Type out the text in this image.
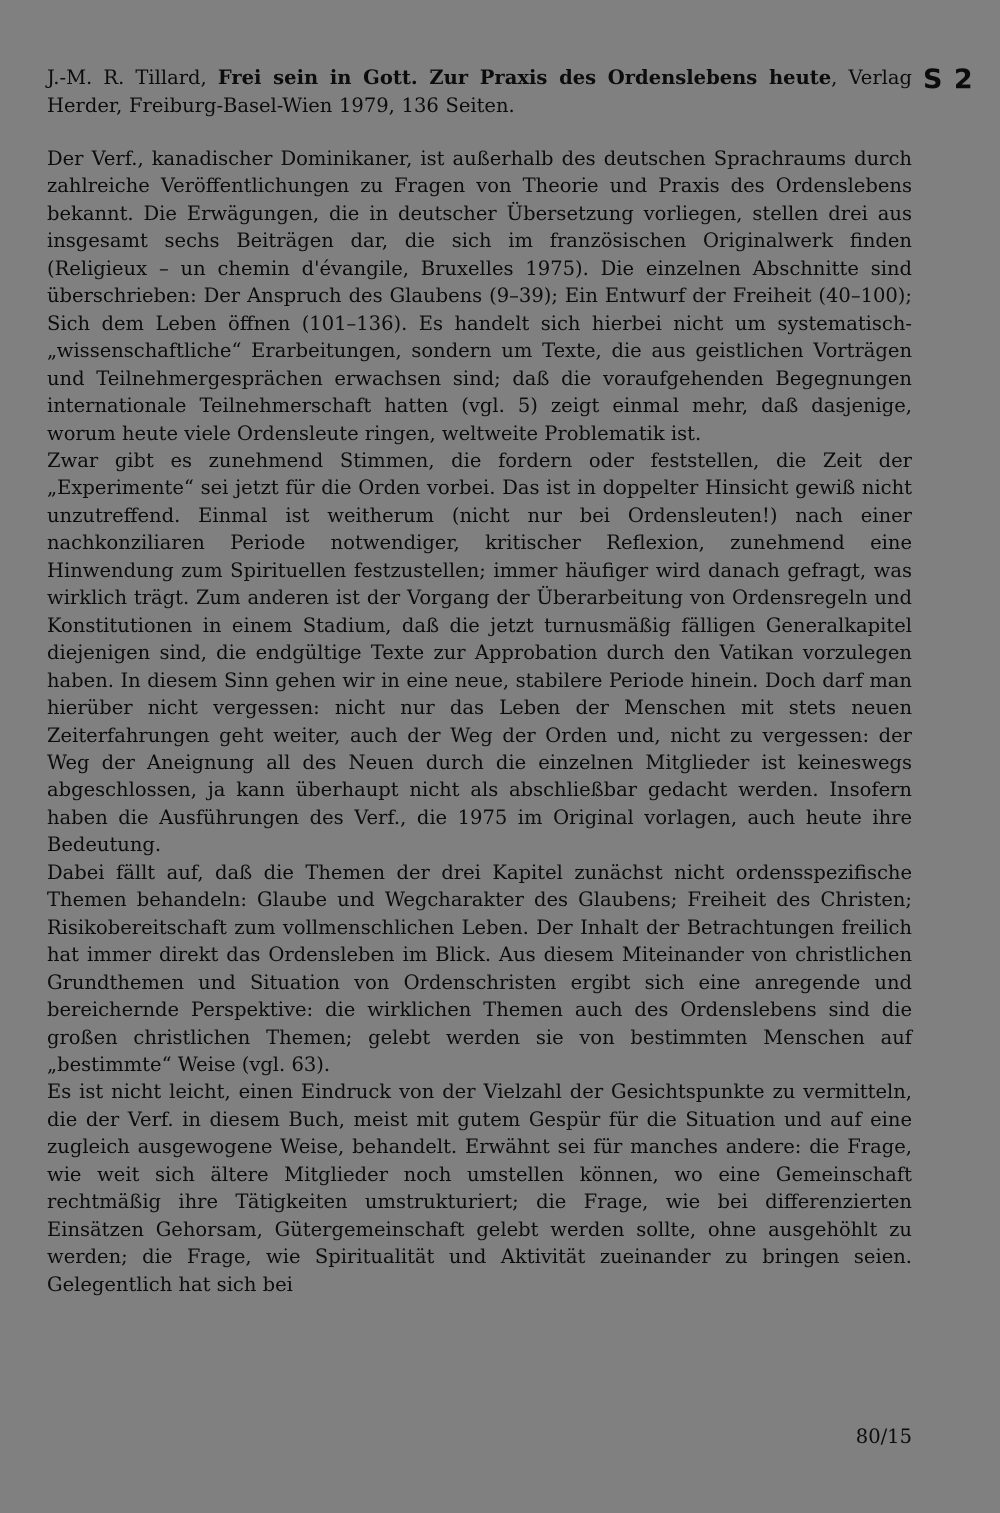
J.-M. R. Tillard, Frei sein in Gott. Zur Praxis des Ordenslebens heute, Verlag Herder, Freiburg-Basel-Wien 1979, 136 Seiten.
S 2

Der Verf., kanadischer Dominikaner, ist außerhalb des deutschen Sprachraums durch zahlreiche Veröffentlichungen zu Fragen von Theorie und Praxis des Ordenslebens bekannt. Die Erwägungen, die in deutscher Übersetzung vorliegen, stellen drei aus insgesamt sechs Beiträgen dar, die sich im französischen Originalwerk finden (Religieux – un chemin d'évangile, Bruxelles 1975). Die einzelnen Abschnitte sind überschrieben: Der Anspruch des Glaubens (9–39); Ein Entwurf der Freiheit (40–100); Sich dem Leben öffnen (101–136). Es handelt sich hierbei nicht um systematisch-„wissenschaftliche“ Erarbeitungen, sondern um Texte, die aus geistlichen Vorträgen und Teilnehmergesprächen erwachsen sind; daß die voraufgehenden Begegnungen internationale Teilnehmerschaft hatten (vgl. 5) zeigt einmal mehr, daß dasjenige, worum heute viele Ordensleute ringen, weltweite Problematik ist.

Zwar gibt es zunehmend Stimmen, die fordern oder feststellen, die Zeit der „Experimente“ sei jetzt für die Orden vorbei. Das ist in doppelter Hinsicht gewiß nicht unzutreffend. Einmal ist weitherum (nicht nur bei Ordensleuten!) nach einer nachkonziliaren Periode notwendiger, kritischer Reflexion, zunehmend eine Hinwendung zum Spirituellen festzustellen; immer häufiger wird danach gefragt, was wirklich trägt. Zum anderen ist der Vorgang der Überarbeitung von Ordensregeln und Konstitutionen in einem Stadium, daß die jetzt turnusmäßig fälligen Generalkapitel diejenigen sind, die endgültige Texte zur Approbation durch den Vatikan vorzulegen haben. In diesem Sinn gehen wir in eine neue, stabilere Periode hinein. Doch darf man hierüber nicht vergessen: nicht nur das Leben der Menschen mit stets neuen Zeiterfahrungen geht weiter, auch der Weg der Orden und, nicht zu vergessen: der Weg der Aneignung all des Neuen durch die einzelnen Mitglieder ist keineswegs abgeschlossen, ja kann überhaupt nicht als abschließbar gedacht werden. Insofern haben die Ausführungen des Verf., die 1975 im Original vorlagen, auch heute ihre Bedeutung.

Dabei fällt auf, daß die Themen der drei Kapitel zunächst nicht ordensspezifische Themen behandeln: Glaube und Wegcharakter des Glaubens; Freiheit des Christen; Risikobereitschaft zum vollmenschlichen Leben. Der Inhalt der Betrachtungen freilich hat immer direkt das Ordensleben im Blick. Aus diesem Miteinander von christlichen Grundthemen und Situation von Ordenschristen ergibt sich eine anregende und bereichernde Perspektive: die wirklichen Themen auch des Ordenslebens sind die großen christlichen Themen; gelebt werden sie von bestimmten Menschen auf „bestimmte“ Weise (vgl. 63).

Es ist nicht leicht, einen Eindruck von der Vielzahl der Gesichtspunkte zu vermitteln, die der Verf. in diesem Buch, meist mit gutem Gespür für die Situation und auf eine zugleich ausgewogene Weise, behandelt. Erwähnt sei für manches andere: die Frage, wie weit sich ältere Mitglieder noch umstellen können, wo eine Gemeinschaft rechtmäßig ihre Tätigkeiten umstrukturiert; die Frage, wie bei differenzierten Einsätzen Gehorsam, Gütergemeinschaft gelebt werden sollte, ohne ausgehöhlt zu werden; die Frage, wie Spiritualität und Aktivität zueinander zu bringen seien. Gelegentlich hat sich bei

80/15
